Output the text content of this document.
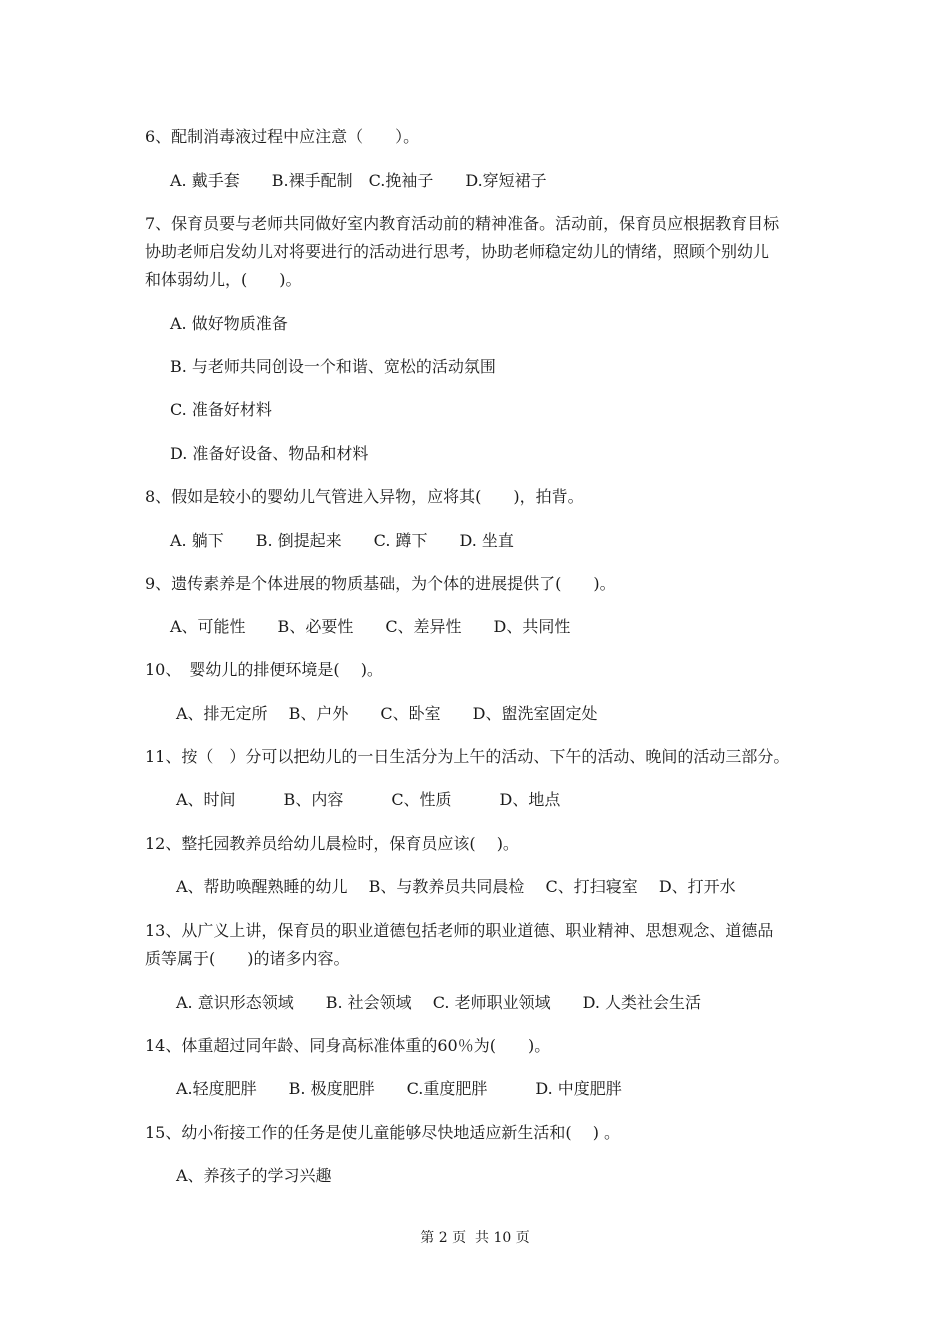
6、配制消毒液过程中应注意（　　）。
A. 戴手套　　B.裸手配制　C.挽袖子　　D.穿短裙子
7、保育员要与老师共同做好室内教育活动前的精神准备。活动前，保育员应根据教育目标
协助老师启发幼儿对将要进行的活动进行思考，协助老师稳定幼儿的情绪，照顾个别幼儿
和体弱幼儿，(　　)。
A. 做好物质准备
B. 与老师共同创设一个和谐、宽松的活动氛围
C. 准备好材料
D. 准备好设备、物品和材料
8、假如是较小的婴幼儿气管进入异物，应将其(　　)，拍背。
A. 躺下　　B. 倒提起来　　C. 蹲下　　D. 坐直
9、遗传素养是个体进展的物质基础，为个体的进展提供了(　　)。
A、可能性　　B、必要性　　C、差异性　　D、共同性
10、　婴幼儿的排便环境是(　 )。
A、排无定所　 B、户外　　C、卧室　　D、盥洗室固定处
11、按（　）分可以把幼儿的一日生活分为上午的活动、下午的活动、晚间的活动三部分。
A、时间　　　B、内容　　　C、性质　　　D、地点
12、整托园教养员给幼儿晨检时，保育员应该(　 )。
A、帮助唤醒熟睡的幼儿　 B、与教养员共同晨检　 C、打扫寝室　 D、打开水
13、从广义上讲，保育员的职业道德包括老师的职业道德、职业精神、思想观念、道德品
质等属于(　　)的诸多内容。
A. 意识形态领域　　B. 社会领域　 C. 老师职业领域　　D. 人类社会生活
14、体重超过同年龄、同身高标准体重的60％为(　　)。
A.轻度肥胖　　B. 极度肥胖　　C.重度肥胖　　　D. 中度肥胖
15、幼小衔接工作的任务是使儿童能够尽快地适应新生活和(　 ) 。
A、养孩子的学习兴趣
第 2 页  共 10 页
